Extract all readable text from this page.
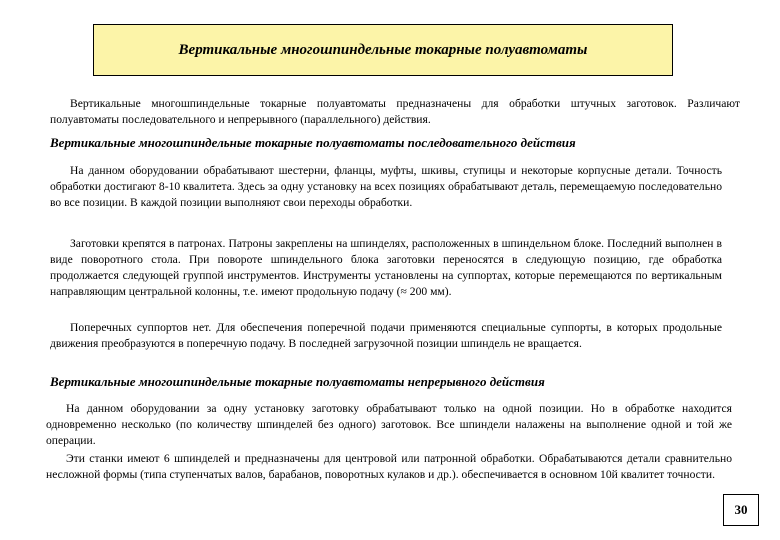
Вертикальные многошпиндельные токарные полуавтоматы
Вертикальные многошпиндельные токарные полуавтоматы предназначены для обработки штучных заготовок. Различают полуавтоматы последовательного и непрерывного (параллельного) действия.
Вертикальные многошпиндельные токарные полуавтоматы последовательного действия
На данном оборудовании обрабатывают шестерни, фланцы, муфты, шкивы, ступицы и некоторые корпусные детали. Точность обработки достигают 8-10 квалитета. Здесь за одну установку на всех позициях обрабатывают деталь, перемещаемую последовательно во все позиции. В каждой позиции выполняют свои переходы обработки.
Заготовки крепятся в патронах. Патроны закреплены на шпинделях, расположенных в шпиндельном блоке. Последний выполнен в виде поворотного стола. При повороте шпиндельного блока заготовки переносятся в следующую позицию, где обработка продолжается следующей группой инструментов. Инструменты установлены на суппортах, которые перемещаются по вертикальным направляющим центральной колонны, т.е. имеют продольную подачу (≈ 200 мм).
Поперечных суппортов нет. Для обеспечения поперечной подачи применяются специальные суппорты, в которых продольные движения преобразуются в поперечную подачу. В последней загрузочной позиции шпиндель не вращается.
Вертикальные многошпиндельные токарные полуавтоматы непрерывного действия
На данном оборудовании за одну установку заготовку обрабатывают только на одной позиции. Но в обработке находится одновременно несколько (по количеству шпинделей без одного) заготовок. Все шпиндели налажены на выполнение одной и той же операции.
Эти станки имеют 6 шпинделей и предназначены для центровой или патронной обработки. Обрабатываются детали сравнительно несложной формы (типа ступенчатых валов, барабанов, поворотных кулаков и др.). обеспечивается в основном 10й квалитет точности.
30
